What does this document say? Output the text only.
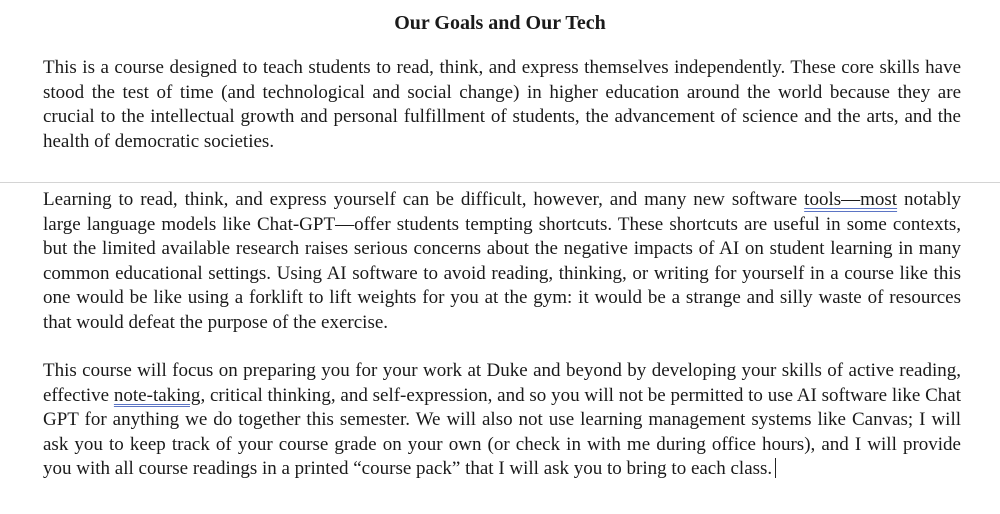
Our Goals and Our Tech

This is a course designed to teach students to read, think, and express themselves independently. These core skills have stood the test of time (and technological and social change) in higher education around the world because they are crucial to the intellectual growth and personal fulfillment of students, the advancement of science and the arts, and the health of democratic societies.

Learning to read, think, and express yourself can be difficult, however, and many new software tools—most notably large language models like Chat-GPT—offer students tempting shortcuts. These shortcuts are useful in some contexts, but the limited available research raises serious concerns about the negative impacts of AI on student learning in many common educational settings. Using AI software to avoid reading, thinking, or writing for yourself in a course like this one would be like using a forklift to lift weights for you at the gym: it would be a strange and silly waste of resources that would defeat the purpose of the exercise.

This course will focus on preparing you for your work at Duke and beyond by developing your skills of active reading, effective note-taking, critical thinking, and self-expression, and so you will not be permitted to use AI software like Chat GPT for anything we do together this semester. We will also not use learning management systems like Canvas; I will ask you to keep track of your course grade on your own (or check in with me during office hours), and I will provide you with all course readings in a printed “course pack” that I will ask you to bring to each class.
